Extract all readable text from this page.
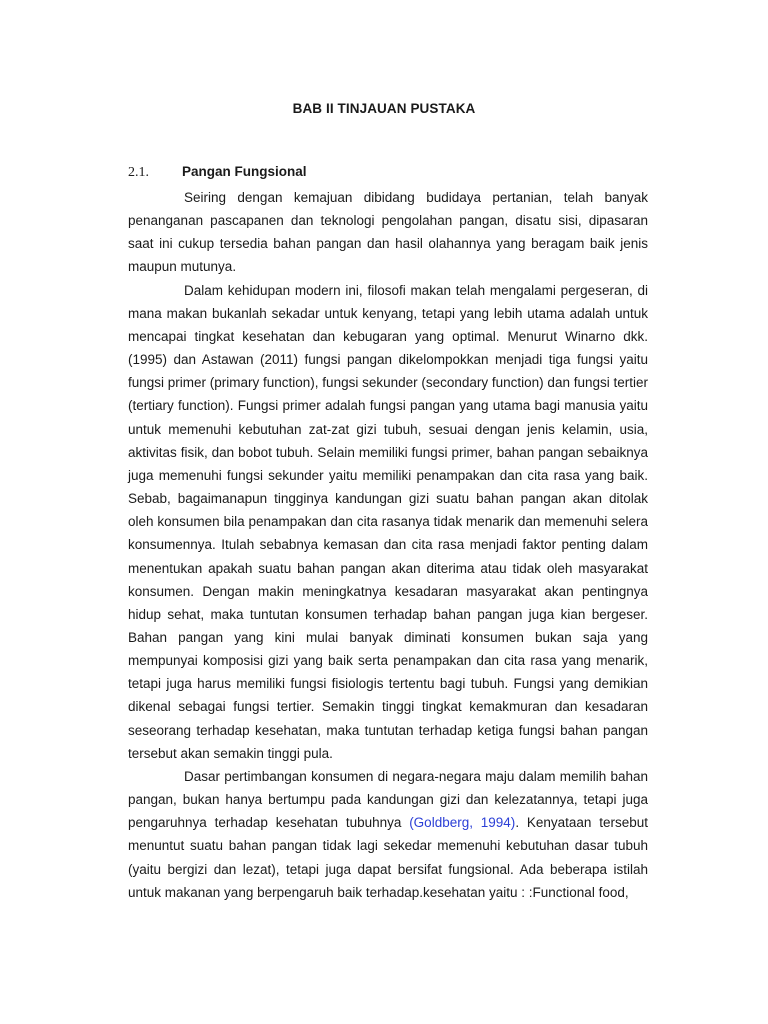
BAB II TINJAUAN PUSTAKA
2.1.	Pangan Fungsional

Seiring dengan kemajuan dibidang budidaya pertanian, telah banyak penanganan pascapanen dan teknologi pengolahan pangan, disatu sisi, dipasaran saat ini cukup tersedia bahan pangan dan hasil olahannya yang beragam baik jenis maupun mutunya.

Dalam kehidupan modern ini, filosofi makan telah mengalami pergeseran, di mana makan bukanlah sekadar untuk kenyang, tetapi yang lebih utama adalah untuk mencapai tingkat kesehatan dan kebugaran yang optimal. Menurut Winarno dkk.(1995) dan Astawan (2011) fungsi pangan dikelompokkan menjadi tiga fungsi yaitu fungsi primer (primary function), fungsi sekunder (secondary function) dan fungsi tertier (tertiary function). Fungsi primer adalah fungsi pangan yang utama bagi manusia yaitu untuk memenuhi kebutuhan zat-zat gizi tubuh, sesuai dengan jenis kelamin, usia, aktivitas fisik, dan bobot tubuh. Selain memiliki fungsi primer, bahan pangan sebaiknya juga memenuhi fungsi sekunder yaitu memiliki penampakan dan cita rasa yang baik. Sebab, bagaimanapun tingginya kandungan gizi suatu bahan pangan akan ditolak oleh konsumen bila penampakan dan cita rasanya tidak menarik dan memenuhi selera konsumennya. Itulah sebabnya kemasan dan cita rasa menjadi faktor penting dalam menentukan apakah suatu bahan pangan akan diterima atau tidak oleh masyarakat konsumen. Dengan makin meningkatnya kesadaran masyarakat akan pentingnya hidup sehat, maka tuntutan konsumen terhadap bahan pangan juga kian bergeser. Bahan pangan yang kini mulai banyak diminati konsumen bukan saja yang mempunyai komposisi gizi yang baik serta penampakan dan cita rasa yang menarik, tetapi juga harus memiliki fungsi fisiologis tertentu bagi tubuh. Fungsi yang demikian dikenal sebagai fungsi tertier. Semakin tinggi tingkat kemakmuran dan kesadaran seseorang terhadap kesehatan, maka tuntutan terhadap ketiga fungsi bahan pangan tersebut akan semakin tinggi pula.

Dasar pertimbangan konsumen di negara-negara maju dalam memilih bahan pangan, bukan hanya bertumpu pada kandungan gizi dan kelezatannya, tetapi juga pengaruhnya terhadap kesehatan tubuhnya (Goldberg, 1994). Kenyataan tersebut menuntut suatu bahan pangan tidak lagi sekedar memenuhi kebutuhan dasar tubuh (yaitu bergizi dan lezat), tetapi juga dapat bersifat fungsional. Ada beberapa istilah untuk makanan yang berpengaruh baik terhadap.kesehatan yaitu : :Functional food,
